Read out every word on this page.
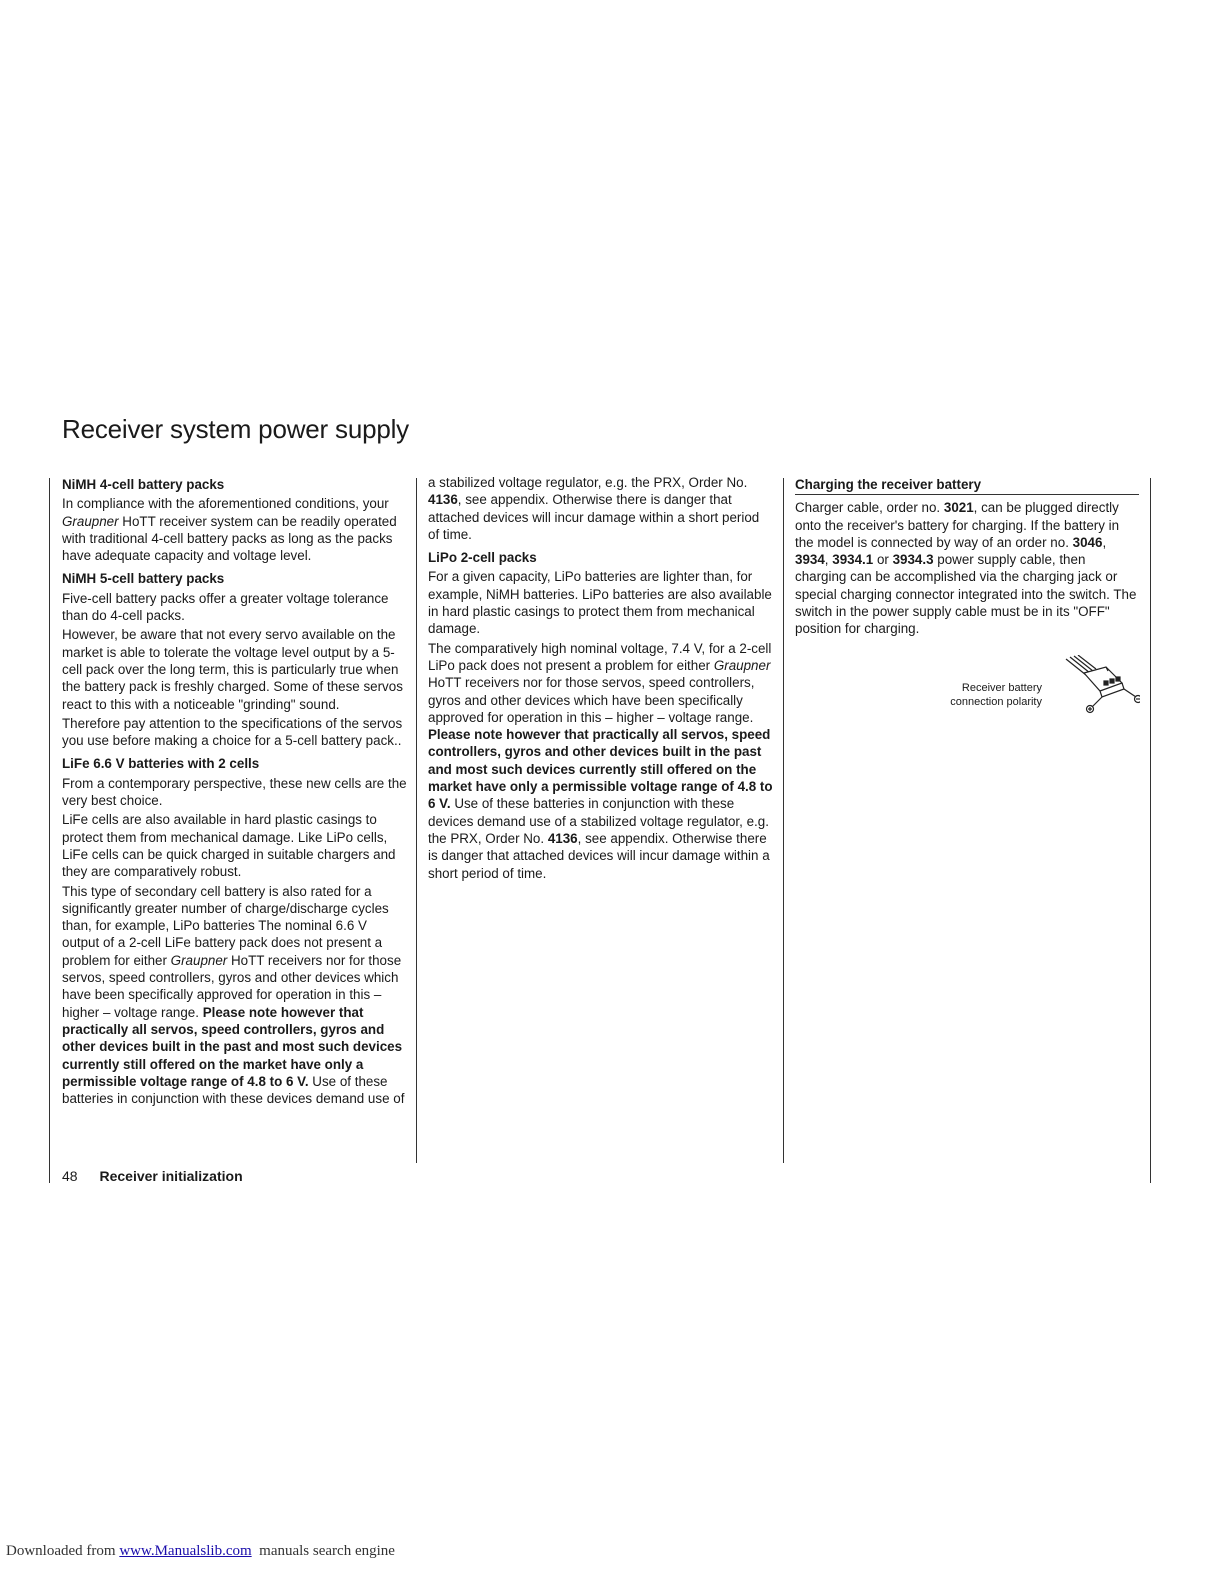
Receiver system power supply
NiMH 4-cell battery packs

In compliance with the aforementioned conditions, your Graupner HoTT receiver system can be readily operated with traditional 4-cell battery packs as long as the packs have adequate capacity and voltage level.

NiMH 5-cell battery packs

Five-cell battery packs offer a greater voltage tolerance than do 4-cell packs.

However, be aware that not every servo available on the market is able to tolerate the voltage level output by a 5-cell pack over the long term, this is particularly true when the battery pack is freshly charged. Some of these servos react to this with a noticeable "grinding" sound.

Therefore pay attention to the specifications of the servos you use before making a choice for a 5-cell battery pack..

LiFe 6.6 V batteries with 2 cells

From a contemporary perspective, these new cells are the very best choice.

LiFe cells are also available in hard plastic casings to protect them from mechanical damage. Like LiPo cells, LiFe cells can be quick charged in suitable chargers and they are comparatively robust.

This type of secondary cell battery is also rated for a significantly greater number of charge/discharge cycles than, for example, LiPo batteries The nominal 6.6 V output of a 2-cell LiFe battery pack does not present a problem for either Graupner HoTT receivers nor for those servos, speed controllers, gyros and other devices which have been specifically approved for operation in this – higher – voltage range. Please note however that practically all servos, speed controllers, gyros and other devices built in the past and most such devices currently still offered on the market have only a permissible voltage range of 4.8 to 6 V. Use of these batteries in conjunction with these devices demand use of

a stabilized voltage regulator, e.g. the PRX, Order No. 4136, see appendix. Otherwise there is danger that attached devices will incur damage within a short period of time.

LiPo 2-cell packs

For a given capacity, LiPo batteries are lighter than, for example, NiMH batteries. LiPo batteries are also available in hard plastic casings to protect them from mechanical damage.

The comparatively high nominal voltage, 7.4 V, for a 2-cell LiPo pack does not present a problem for either Graupner HoTT receivers nor for those servos, speed controllers, gyros and other devices which have been specifically approved for operation in this – higher – voltage range. Please note however that practically all servos, speed controllers, gyros and other devices built in the past and most such devices currently still offered on the market have only a permissible voltage range of 4.8 to 6 V. Use of these batteries in conjunction with these devices demand use of a stabilized voltage regulator, e.g. the PRX, Order No. 4136, see appendix. Otherwise there is danger that attached devices will incur damage within a short period of time.

Charging the receiver battery

Charger cable, order no. 3021, can be plugged directly onto the receiver's battery for charging. If the battery in the model is connected by way of an order no. 3046, 3934, 3934.1 or 3934.3 power supply cable, then charging can be accomplished via the charging jack or special charging connector integrated into the switch. The switch in the power supply cable must be in its "OFF" position for charging.

Receiver battery
connection polarity
48 Receiver initialization
Downloaded from www.Manualslib.com manuals search engine
